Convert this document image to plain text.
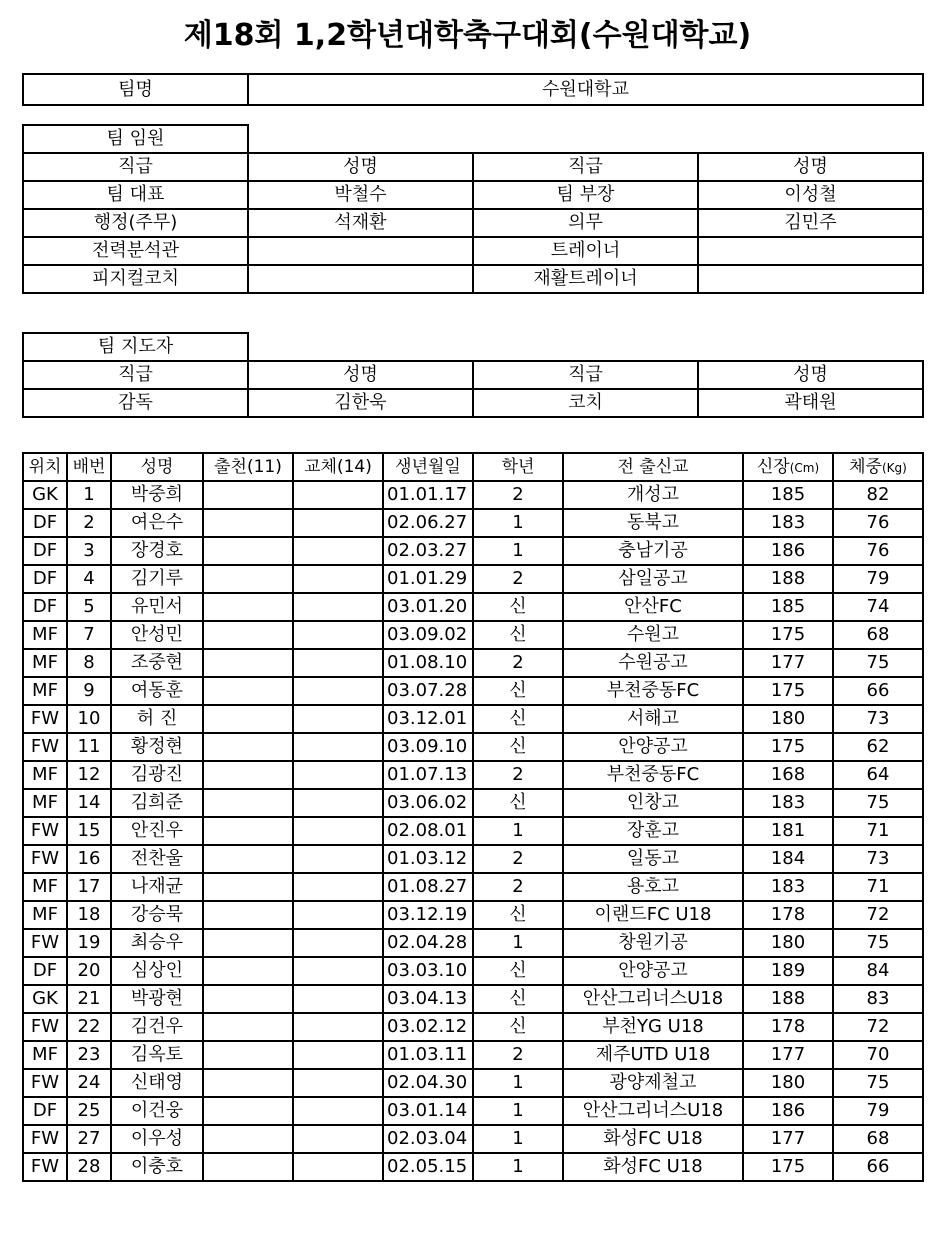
제18회 1,2학년대학축구대회(수원대학교)
팀명	수원대학교
팀 임원			
직급	성명	직급	성명
팀 대표	박철수	팀 부장	이성철
행정(주무)	석재환	의무	김민주
전력분석관		트레이너	
피지컬코치		재활트레이너	
팀 지도자			
직급	성명	직급	성명
감독	김한욱	코치	곽태원
위치	배번	성명	출천(11)	교체(14)	생년월일	학년	전 출신교	신장(Cm)	체중(Kg)
GK	1	박중희			01.01.17	2	개성고	185	82
DF	2	여은수			02.06.27	1	동북고	183	76
DF	3	장경호			02.03.27	1	충남기공	186	76
DF	4	김기루			01.01.29	2	삼일공고	188	79
DF	5	유민서			03.01.20	신	안산FC	185	74
MF	7	안성민			03.09.02	신	수원고	175	68
MF	8	조중현			01.08.10	2	수원공고	177	75
MF	9	여동훈			03.07.28	신	부천중동FC	175	66
FW	10	허 진			03.12.01	신	서해고	180	73
FW	11	황정현			03.09.10	신	안양공고	175	62
MF	12	김광진			01.07.13	2	부천중동FC	168	64
MF	14	김희준			03.06.02	신	인창고	183	75
FW	15	안진우			02.08.01	1	장훈고	181	71
FW	16	전찬울			01.03.12	2	일동고	184	73
MF	17	나재균			01.08.27	2	용호고	183	71
MF	18	강승묵			03.12.19	신	이랜드FC U18	178	72
FW	19	최승우			02.04.28	1	창원기공	180	75
DF	20	심상인			03.03.10	신	안양공고	189	84
GK	21	박광현			03.04.13	신	안산그리너스U18	188	83
FW	22	김건우			03.02.12	신	부천YG U18	178	72
MF	23	김옥토			01.03.11	2	제주UTD U18	177	70
FW	24	신태영			02.04.30	1	광양제철고	180	75
DF	25	이건웅			03.01.14	1	안산그리너스U18	186	79
FW	27	이우성			02.03.04	1	화성FC U18	177	68
FW	28	이충호			02.05.15	1	화성FC U18	175	66
